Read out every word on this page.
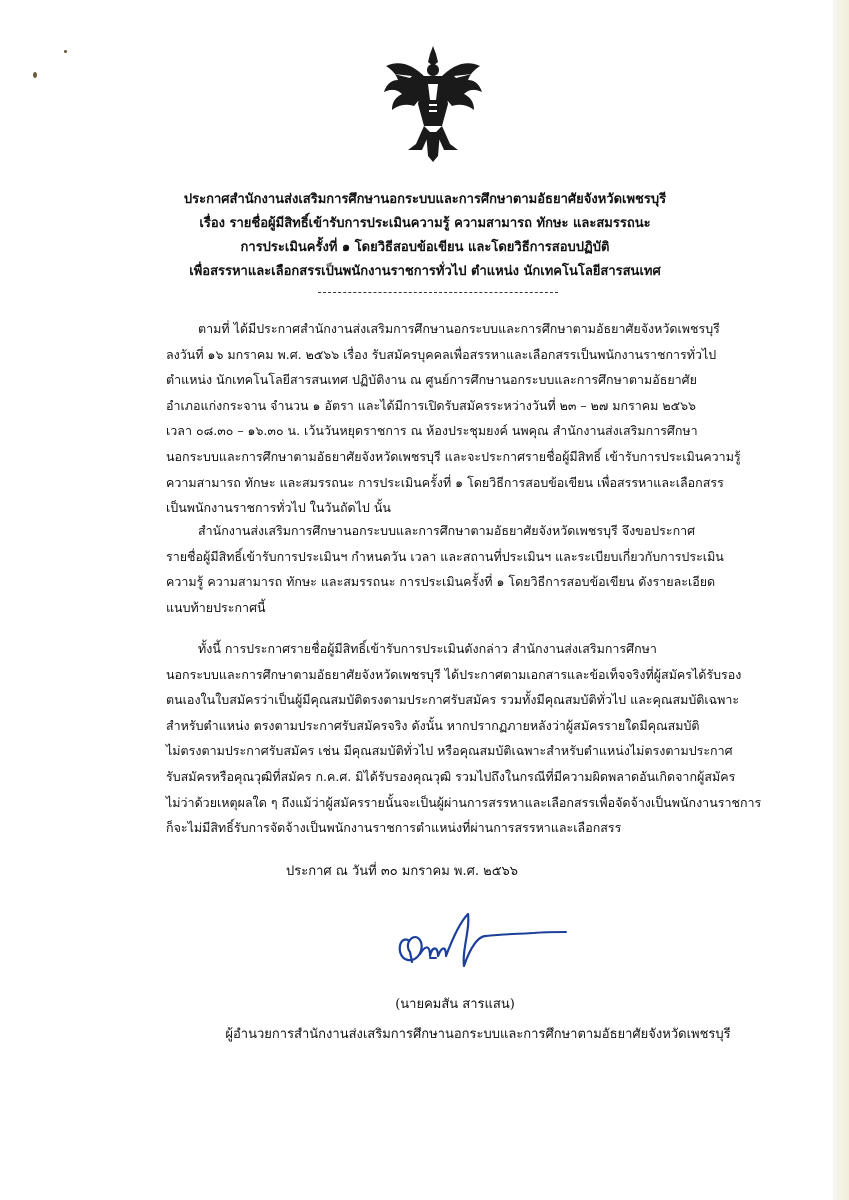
ประกาศสำนักงานส่งเสริมการศึกษานอกระบบและการศึกษาตามอัธยาศัยจังหวัดเพชรบุรี
เรื่อง รายชื่อผู้มีสิทธิ์เข้ารับการประเมินความรู้ ความสามารถ ทักษะ และสมรรถนะ
การประเมินครั้งที่ ๑ โดยวิธีสอบข้อเขียน และโดยวิธีการสอบปฏิบัติ
เพื่อสรรหาและเลือกสรรเป็นพนักงานราชการทั่วไป ตำแหน่ง นักเทคโนโลยีสารสนเทศ

ตามที่ ได้มีประกาศสำนักงานส่งเสริมการศึกษานอกระบบและการศึกษาตามอัธยาศัยจังหวัดเพชรบุรี

ลงวันที่ ๑๖ มกราคม พ.ศ. ๒๕๖๖ เรื่อง รับสมัครบุคคลเพื่อสรรหาและเลือกสรรเป็นพนักงานราชการทั่วไป

ตำแหน่ง นักเทคโนโลยีสารสนเทศ ปฏิบัติงาน ณ ศูนย์การศึกษานอกระบบและการศึกษาตามอัธยาศัย

อำเภอแก่งกระจาน จำนวน ๑ อัตรา และได้มีการเปิดรับสมัครระหว่างวันที่ ๒๓ – ๒๗ มกราคม ๒๕๖๖

เวลา ๐๘.๓๐ – ๑๖.๓๐ น. เว้นวันหยุดราชการ ณ ห้องประชุมยงค์ นพคุณ สำนักงานส่งเสริมการศึกษา

นอกระบบและการศึกษาตามอัธยาศัยจังหวัดเพชรบุรี และจะประกาศรายชื่อผู้มีสิทธิ์ เข้ารับการประเมินความรู้

ความสามารถ ทักษะ และสมรรถนะ การประเมินครั้งที่ ๑ โดยวิธีการสอบข้อเขียน เพื่อสรรหาและเลือกสรร

เป็นพนักงานราชการทั่วไป ในวันถัดไป นั้น

สำนักงานส่งเสริมการศึกษานอกระบบและการศึกษาตามอัธยาศัยจังหวัดเพชรบุรี จึงขอประกาศ

รายชื่อผู้มีสิทธิ์เข้ารับการประเมินฯ กำหนดวัน เวลา และสถานที่ประเมินฯ และระเบียบเกี่ยวกับการประเมิน

ความรู้ ความสามารถ ทักษะ และสมรรถนะ การประเมินครั้งที่ ๑ โดยวิธีการสอบข้อเขียน ดังรายละเอียด

แนบท้ายประกาศนี้

ทั้งนี้ การประกาศรายชื่อผู้มีสิทธิ์เข้ารับการประเมินดังกล่าว สำนักงานส่งเสริมการศึกษา

นอกระบบและการศึกษาตามอัธยาศัยจังหวัดเพชรบุรี ได้ประกาศตามเอกสารและข้อเท็จจริงที่ผู้สมัครได้รับรอง

ตนเองในใบสมัครว่าเป็นผู้มีคุณสมบัติตรงตามประกาศรับสมัคร รวมทั้งมีคุณสมบัติทั่วไป และคุณสมบัติเฉพาะ

สำหรับตำแหน่ง ตรงตามประกาศรับสมัครจริง ดังนั้น หากปรากฏภายหลังว่าผู้สมัครรายใดมีคุณสมบัติ

ไม่ตรงตามประกาศรับสมัคร เช่น มีคุณสมบัติทั่วไป หรือคุณสมบัติเฉพาะสำหรับตำแหน่งไม่ตรงตามประกาศ

รับสมัครหรือคุณวุฒิที่สมัคร ก.ค.ศ. มิได้รับรองคุณวุฒิ รวมไปถึงในกรณีที่มีความผิดพลาดอันเกิดจากผู้สมัคร

ไม่ว่าด้วยเหตุผลใด ๆ ถึงแม้ว่าผู้สมัครรายนั้นจะเป็นผู้ผ่านการสรรหาและเลือกสรรเพื่อจัดจ้างเป็นพนักงานราชการ

ก็จะไม่มีสิทธิ์รับการจัดจ้างเป็นพนักงานราชการตำแหน่งที่ผ่านการสรรหาและเลือกสรร

ประกาศ ณ วันที่ ๓๐ มกราคม พ.ศ. ๒๕๖๖
(นายคมสัน สารแสน)
ผู้อำนวยการสำนักงานส่งเสริมการศึกษานอกระบบและการศึกษาตามอัธยาศัยจังหวัดเพชรบุรี
